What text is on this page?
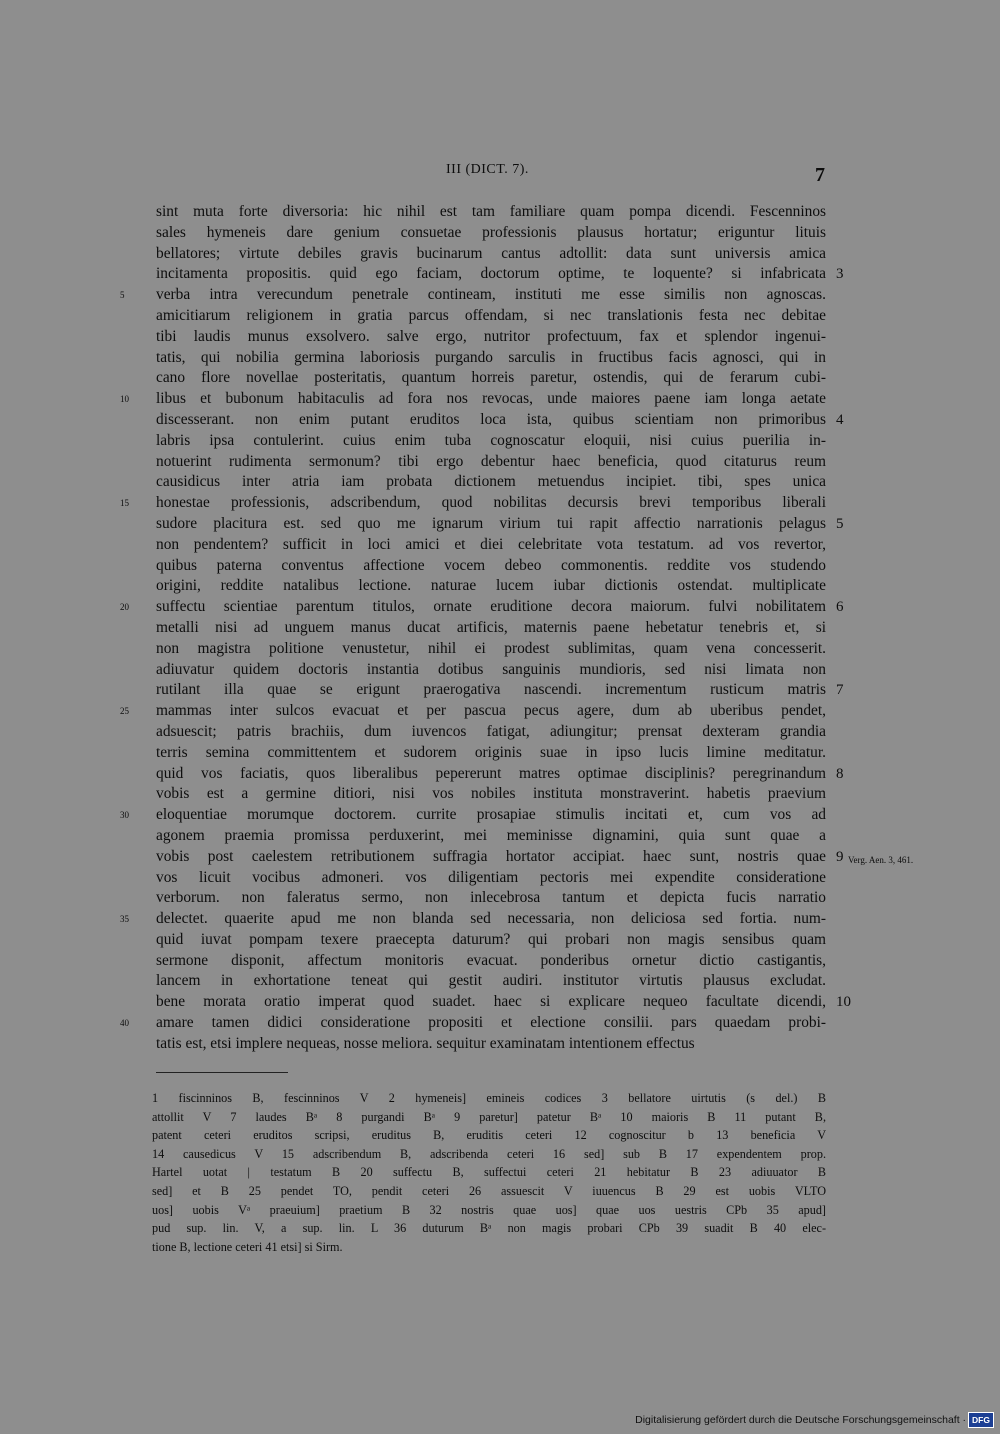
III (DICT. 7).	7
sint muta forte diversoria: hic nihil est tam familiare quam pompa dicendi. Fescenninos
sales hymeneis dare genium consuetae professionis plausus hortatur; eriguntur lituis
bellatores; virtute debiles gravis bucinarum cantus adtollit: data sunt universis amica
incitamenta propositis. quid ego faciam, doctorum optime, te loquente? si infabricata 3
verba intra verecundum penetrale contineam, instituti me esse similis non agnoscas.
5
amicitiarum religionem in gratia parcus offendam, si nec translationis festa nec debitae
tibi laudis munus exsolvero. salve ergo, nutritor profectuum, fax et splendor ingenui-
tatis, qui nobilia germina laboriosis purgando sarculis in fructibus facis agnosci, qui in
cano flore novellae posteritatis, quantum horreis paretur, ostendis, qui de ferarum cubi-
libus et bubonum habitaculis ad fora nos revocas, unde maiores paene iam longa aetate
10
discesserant. non enim putant eruditos loca ista, quibus scientiam non primoribus 4
labris ipsa contulerint. cuius enim tuba cognoscatur eloquii, nisi cuius puerilia in-
notuerint rudimenta sermonum? tibi ergo debentur haec beneficia, quod citaturus reum
causidicus inter atria iam probata dictionem metuendus incipiet. tibi, spes unica
honestae professionis, adscribendum, quod nobilitas decursis brevi temporibus liberali
15
sudore placitura est. sed quo me ignarum virium tui rapit affectio narrationis pelagus 5
non pendentem? sufficit in loci amici et diei celebritate vota testatum. ad vos revertor,
quibus paterna conventus affectione vocem debeo commonentis. reddite vos studendo
origini, reddite natalibus lectione. naturae lucem iubar dictionis ostendat. multiplicate
suffectu scientiae parentum titulos, ornate eruditione decora maiorum. fulvi nobilitatem
20	6
metalli nisi ad unguem manus ducat artificis, maternis paene hebetatur tenebris et, si
non magistra politione venustetur, nihil ei prodest sublimitas, quam vena concesserit.
adiuvatur quidem doctoris instantia dotibus sanguinis mundioris, sed nisi limata non
rutilant illa quae se erigunt praerogativa nascendi. incrementum rusticum matris 7
mammas inter sulcos evacuat et per pascua pecus agere, dum ab uberibus pendet,
25
adsuescit; patris brachiis, dum iuvencos fatigat, adiungitur; prensat dexteram grandia
terris semina committentem et sudorem originis suae in ipso lucis limine meditatur.
quid vos faciatis, quos liberalibus pepererunt matres optimae disciplinis? peregrinandum 8
vobis est a germine ditiori, nisi vos nobiles instituta monstraverint. habetis praevium
eloquentiae morumque doctorem. currite prosapiae stimulis incitati et, cum vos ad
30
agonem praemia promissa perduxerint, mei meminisse dignamini, quia sunt quae a
vobis post caelestem retributionem suffragia hortator accipiat. haec sunt, nostris quae 9 Verg. Aen. 3, 461.
vos licuit vocibus admoneri. vos diligentiam pectoris mei expendite consideratione
verborum. non faleratus sermo, non inlecebrosa tantum et depicta fucis narratio
delectet. quaerite apud me non blanda sed necessaria, non deliciosa sed fortia. num-
35
quid iuvat pompam texere praecepta daturum? qui probari non magis sensibus quam
sermone disponit, affectum monitoris evacuat. ponderibus ornetur dictio castigantis,
lancem in exhortatione teneat qui gestit audiri. institutor virtutis plausus excludat.
bene morata oratio imperat quod suadet. haec si explicare nequeo facultate dicendi, 10
amare tamen didici consideratione propositi et electione consilii. pars quaedam probi-
40
tatis est, etsi implere nequeas, nosse meliora. sequitur examinatam intentionem effectus
1 fiscinninos B, fescinninos V 2 hymeneis] emineis codices 3 bellatore uirtutis (s del.) B
attollit V 7 laudes Bᵃ 8 purgandi Bᵃ 9 paretur] patetur Bᵃ 10 maioris B 11 putant B,
patent ceteri eruditos scripsi, eruditus B, eruditis ceteri 12 cognoscitur b 13 beneficia V
14 causedicus V 15 adscribendum B, adscribenda ceteri 16 sed] sub B 17 expendentem prop.
Hartel uotat | testatum B 20 suffectu B, suffectui ceteri 21 hebitatur B 23 adiuuator B
sed] et B 25 pendet TO, pendit ceteri 26 assuescit V iuuencus B 29 est uobis VLTO
uos] uobis Vᵃ praeuium] praetium B 32 nostris quae uos] quae uos uestris CPb 35 apud]
pud sup. lin. V, a sup. lin. L 36 duturum Bᵃ non magis probari CPb 39 suadit B 40 elec-
tione B, lectione ceteri 41 etsi] si Sirm.
Digitalisierung gefördert durch die Deutsche Forschungsgemeinschaft · DFG
